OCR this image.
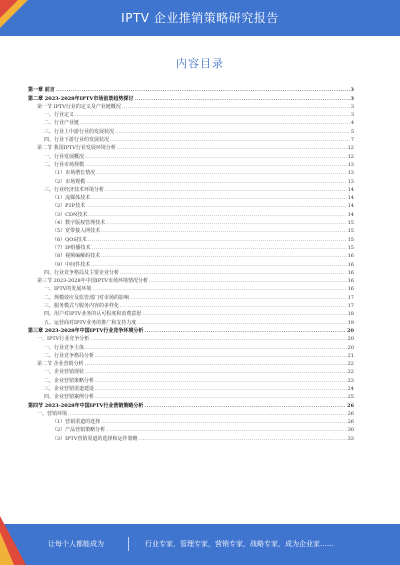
IPTV 企业推销策略研究报告
内容目录
第一章 前言 .....	3
第二章 2023-2028年IPTV市场前景趋势探讨 .....	3
第一节 IPTV行业的定义及产业链概况 .....	3
一、行业定义 .....	3
二、行业产业链 .....	4
三、行业上中游行业的发展状况 .....	5
四、行业下游行业的发展状况 .....	7
第二节 我国IPTV行业发展环境分析 .....	12
一、行业发展概况 .....	12
二、行业市场规模 .....	13
（1）市场增长情况 .....	13
（2）市场规模 .....	13
三、行业经济技术环境分析 .....	14
（1）流媒体技术 .....	14
（2）P2P技术 .....	14
（3）CDN技术 .....	14
（4）数字版权管理技术 .....	15
（5）宽带接入网技术 .....	15
（6）QOS技术 .....	15
（7）IP组播技术 .....	15
（8）视频编解码技术 .....	16
（9）中间件技术 .....	16
四、行业竞争格局及主要企业分析 .....	16
第三节 2023-2028年中国IPTV市场环境情况分析 .....	16
一、IPTV的发展环境 .....	16
二、规模效应及监管部门对市场的影响 .....	17
三、服务模式与服务内容的多样化 .....	17
四、用户对IPTV业务的认可程度和消费意愿 .....	18
五、运营商对IPTV业务的推广和支持力度 .....	19
第三章 2023-2028年中国IPTV行业竞争环境分析 .....	20
一、IPTV行业竞争分析 .....	20
一、行业竞争主体 .....	20
二、行业竞争格局分析 .....	21
第二节 企业营销分析 .....	22
一、企业营销现状 .....	22
二、企业营销策略分析 .....	23
三、企业营销渠道建设 .....	24
四、企业营销案例分析 .....	25
第四节 2023-2028年中国IPTV行业营销策略分析 .....	26
一、营销环境 .....	26
（1）营销渠道的选择 .....	26
（2）产品营销策略分析 .....	30
（3）IPTV营销渠道的选择和运作策略 .....	33
让每个人都能成为	行业专家，管理专家，营销专家，战略专家，成为企业家……
